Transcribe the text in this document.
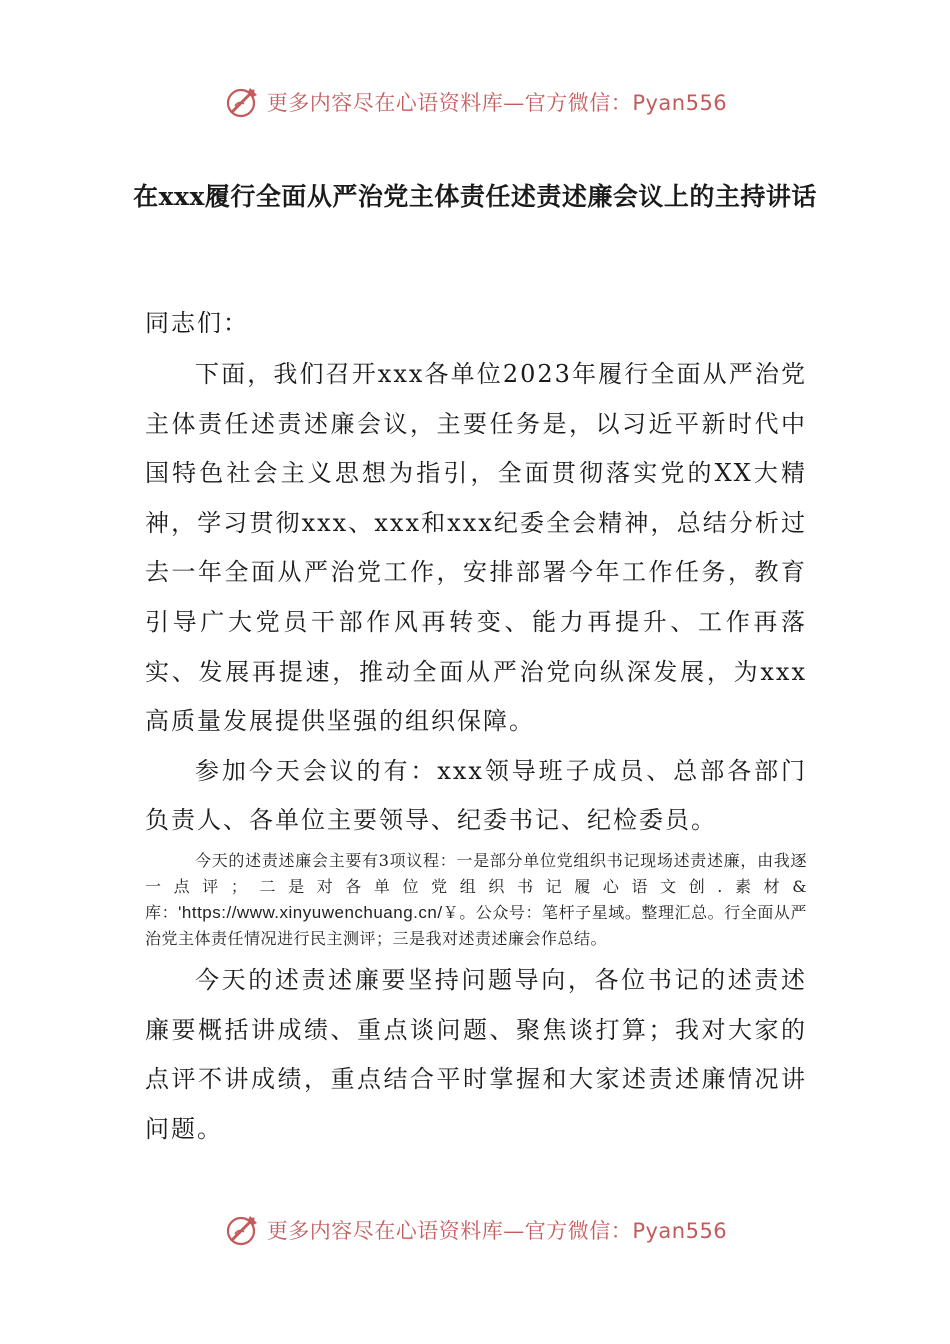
更多内容尽在心语资料库—官方微信：Pyan556
在xxx履行全面从严治党主体责任述责述廉会议上的主持讲话

同志们：

下面，我们召开xxx各单位2023年履行全面从严治党主体责任述责述廉会议，主要任务是，以习近平新时代中国特色社会主义思想为指引，全面贯彻落实党的XX大精神，学习贯彻xxx、xxx和xxx纪委全会精神，总结分析过去一年全面从严治党工作，安排部署今年工作任务，教育引导广大党员干部作风再转变、能力再提升、工作再落实、发展再提速，推动全面从严治党向纵深发展，为xxx高质量发展提供坚强的组织保障。

参加今天会议的有：xxx领导班子成员、总部各部门负责人、各单位主要领导、纪委书记、纪检委员。

今天的述责述廉会主要有3项议程：一是部分单位党组织书记现场述责述廉，由我逐一点评；二是对各单位党组织书记履心语文创.素材&库：'https://www.xinyuwenchuang.cn/￥。公众号：笔杆子星域。整理汇总。行全面从严治党主体责任情况进行民主测评；三是我对述责述廉会作总结。

今天的述责述廉要坚持问题导向，各位书记的述责述廉要概括讲成绩、重点谈问题、聚焦谈打算；我对大家的点评不讲成绩，重点结合平时掌握和大家述责述廉情况讲问题。

更多内容尽在心语资料库—官方微信：Pyan556
